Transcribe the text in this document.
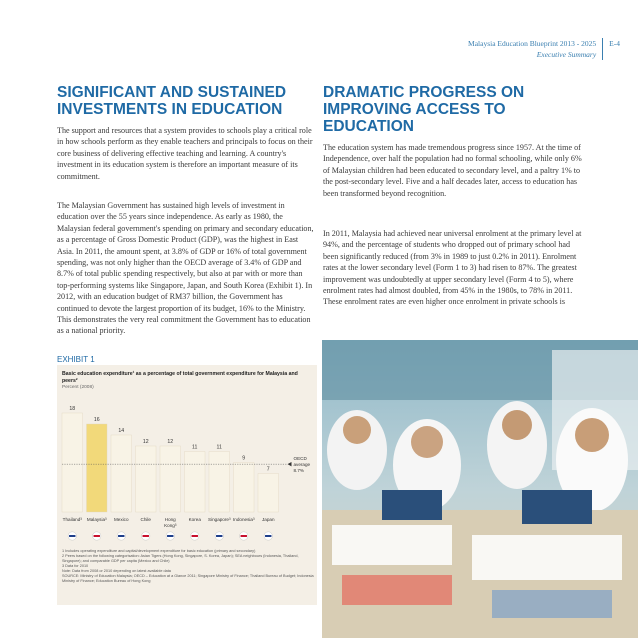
Malaysia Education Blueprint 2013 - 2025
Executive Summary
E-4
SIGNIFICANT AND SUSTAINED INVESTMENTS IN EDUCATION

The support and resources that a system provides to schools play a critical role in how schools perform as they enable teachers and principals to focus on their core business of delivering effective teaching and learning. A country's investment in its education system is therefore an important measure of its commitment.

The Malaysian Government has sustained high levels of investment in education over the 55 years since independence. As early as 1980, the Malaysian federal government's spending on primary and secondary education, as a percentage of Gross Domestic Product (GDP), was the highest in East Asia. In 2011, the amount spent, at 3.8% of GDP or 16% of total government spending, was not only higher than the OECD average of 3.4% of GDP and 8.7% of total public spending respectively, but also at par with or more than top-performing systems like Singapore, Japan, and South Korea (Exhibit 1). In 2012, with an education budget of RM37 billion, the Government has continued to devote the largest proportion of its budget, 16% to the Ministry. This demonstrates the very real commitment the Government has to education as a national priority.

DRAMATIC PROGRESS ON IMPROVING ACCESS TO EDUCATION

The education system has made tremendous progress since 1957. At the time of Independence, over half the population had no formal schooling, while only 6% of Malaysian children had been educated to secondary level, and a paltry 1% to the post-secondary level. Five and a half decades later, access to education has been transformed beyond recognition.

In 2011, Malaysia had achieved near universal enrolment at the primary level at 94%, and the percentage of students who dropped out of primary school had been significantly reduced (from 3% in 1989 to just 0.2% in 2011). Enrolment rates at the lower secondary level (Form 1 to 3) had risen to 87%. The greatest improvement was undoubtedly at upper secondary level (Form 4 to 5), where enrolment rates had almost doubled, from 45% in the 1980s, to 78% in 2011. These enrolment rates are even higher once enrolment in private schools is

EXHIBIT 1
Basic education expenditure¹ as a percentage of total government expenditure for Malaysia and peers²
Percent (2008)
18
Thailand³
16
Malaysia³
14
Mexico
12
Chile
12
Hong
Kong³
11
Korea
11
Singapore³
9
Indonesia³
7
Japan
OECD
average
8.7%
1 Includes operating expenditure and capital/development expenditure for basic education (primary and secondary)
2 Peers based on the following categorisation: Asian Tigers (Hong Kong, Singapore, S. Korea, Japan); SEA neighbours (Indonesia, Thailand, Singapore); and comparable GDP per capita (Mexico and Chile)
3 Data for 2010
Note: Data from 2008 or 2010 depending on latest available data
SOURCE: Ministry of Education Malaysia; OECD – Education at a Glance 2011; Singapore Ministry of Finance; Thailand Bureau of Budget; Indonesia Ministry of Finance; Education Bureau of Hong Kong
